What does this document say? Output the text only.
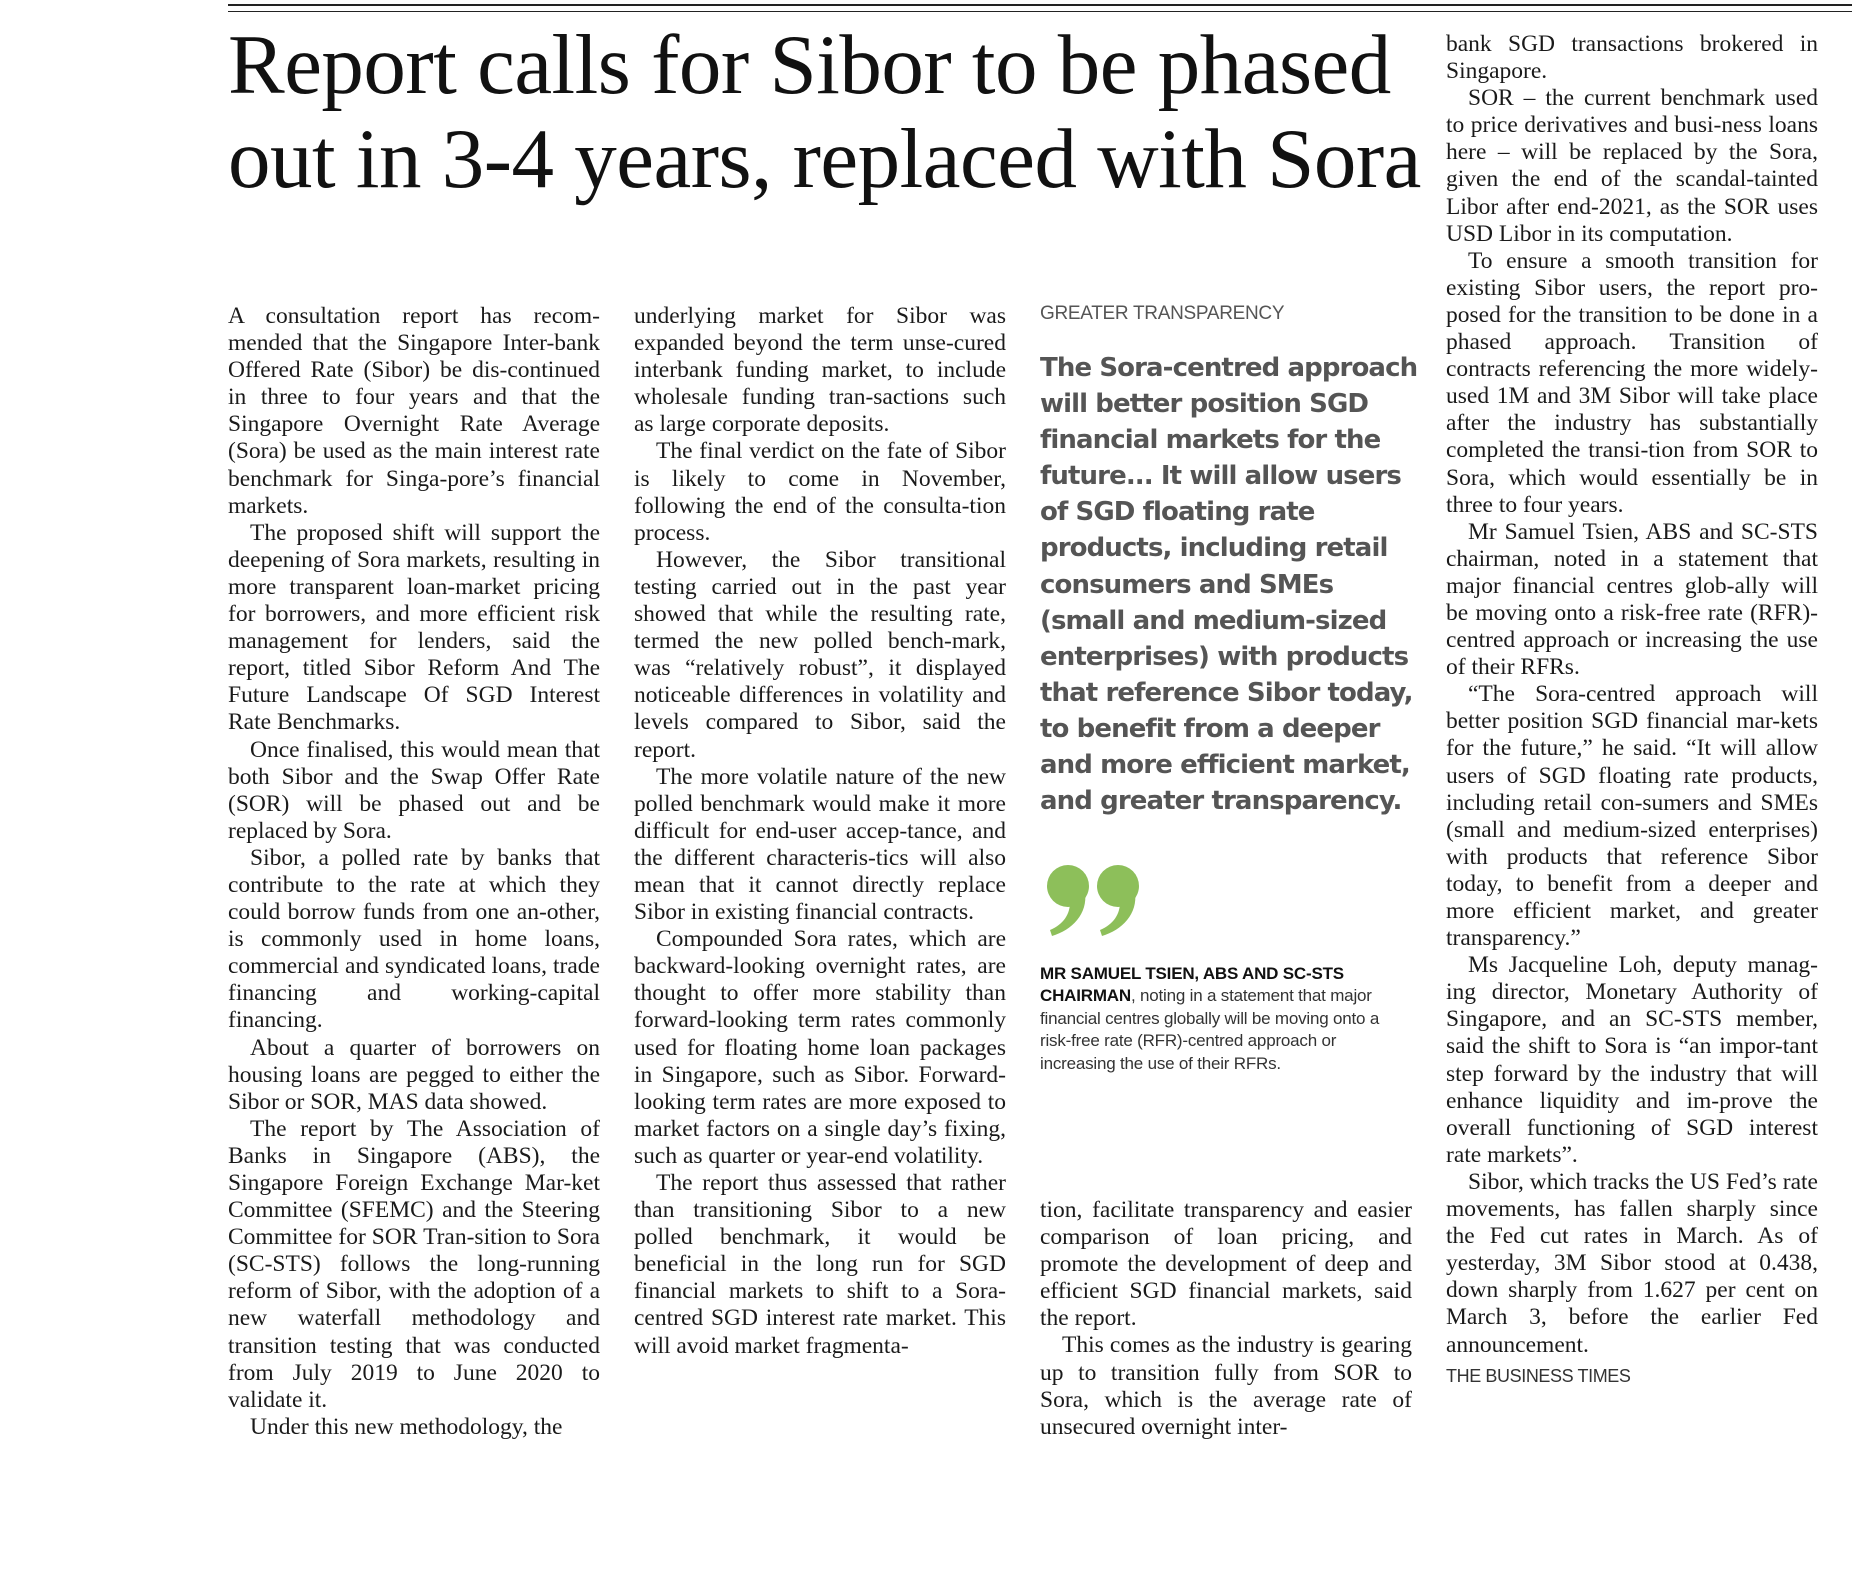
Report calls for Sibor to be phased out in 3-4 years, replaced with Sora

A consultation report has recom-mended that the Singapore Inter-bank Offered Rate (Sibor) be dis-continued in three to four years and that the Singapore Overnight Rate Average (Sora) be used as the main interest rate benchmark for Singa-pore’s financial markets.

The proposed shift will support the deepening of Sora markets, resulting in more transparent loan-market pricing for borrowers, and more efficient risk management for lenders, said the report, titled Sibor Reform And The Future Landscape Of SGD Interest Rate Benchmarks.

Once finalised, this would mean that both Sibor and the Swap Offer Rate (SOR) will be phased out and be replaced by Sora.

Sibor, a polled rate by banks that contribute to the rate at which they could borrow funds from one an-other, is commonly used in home loans, commercial and syndicated loans, trade financing and working-capital financing.

About a quarter of borrowers on housing loans are pegged to either the Sibor or SOR, MAS data showed.

The report by The Association of Banks in Singapore (ABS), the Singapore Foreign Exchange Mar-ket Committee (SFEMC) and the Steering Committee for SOR Tran-sition to Sora (SC-STS) follows the long-running reform of Sibor, with the adoption of a new waterfall methodology and transition testing that was conducted from July 2019 to June 2020 to validate it.

Under this new methodology, the

underlying market for Sibor was expanded beyond the term unse-cured interbank funding market, to include wholesale funding tran-sactions such as large corporate deposits.

The final verdict on the fate of Sibor is likely to come in November, following the end of the consulta-tion process.

However, the Sibor transitional testing carried out in the past year showed that while the resulting rate, termed the new polled bench-mark, was “relatively robust”, it displayed noticeable differences in volatility and levels compared to Sibor, said the report.

The more volatile nature of the new polled benchmark would make it more difficult for end-user accep-tance, and the different characteris-tics will also mean that it cannot directly replace Sibor in existing financial contracts.

Compounded Sora rates, which are backward-looking overnight rates, are thought to offer more stability than forward-looking term rates commonly used for floating home loan packages in Singapore, such as Sibor. Forward-looking term rates are more exposed to market factors on a single day’s fixing, such as quarter or year-end volatility.

The report thus assessed that rather than transitioning Sibor to a new polled benchmark, it would be beneficial in the long run for SGD financial markets to shift to a Sora-centred SGD interest rate market. This will avoid market fragmenta-

GREATER TRANSPARENCY

The Sora-centred approach will better position SGD financial markets for the future... It will allow users of SGD floating rate products, including retail consumers and SMEs (small and medium-sized enterprises) with products that reference Sibor today, to benefit from a deeper and more efficient market, and greater transparency.

MR SAMUEL TSIEN, ABS AND SC-STS CHAIRMAN, noting in a statement that major financial centres globally will be moving onto a risk-free rate (RFR)-centred approach or increasing the use of their RFRs.

tion, facilitate transparency and easier comparison of loan pricing, and promote the development of deep and efficient SGD financial markets, said the report.

This comes as the industry is gearing up to transition fully from SOR to Sora, which is the average rate of unsecured overnight inter-

bank SGD transactions brokered in Singapore.

SOR – the current benchmark used to price derivatives and busi-ness loans here – will be replaced by the Sora, given the end of the scandal-tainted Libor after end-2021, as the SOR uses USD Libor in its computation.

To ensure a smooth transition for existing Sibor users, the report pro-posed for the transition to be done in a phased approach. Transition of contracts referencing the more widely-used 1M and 3M Sibor will take place after the industry has substantially completed the transi-tion from SOR to Sora, which would essentially be in three to four years.

Mr Samuel Tsien, ABS and SC-STS chairman, noted in a statement that major financial centres glob-ally will be moving onto a risk-free rate (RFR)-centred approach or increasing the use of their RFRs.

“The Sora-centred approach will better position SGD financial mar-kets for the future,” he said. “It will allow users of SGD floating rate products, including retail con-sumers and SMEs (small and medium-sized enterprises) with products that reference Sibor today, to benefit from a deeper and more efficient market, and greater transparency.”

Ms Jacqueline Loh, deputy manag-ing director, Monetary Authority of Singapore, and an SC-STS member, said the shift to Sora is “an impor-tant step forward by the industry that will enhance liquidity and im-prove the overall functioning of SGD interest rate markets”.

Sibor, which tracks the US Fed’s rate movements, has fallen sharply since the Fed cut rates in March. As of yesterday, 3M Sibor stood at 0.438, down sharply from 1.627 per cent on March 3, before the earlier Fed announcement.

THE BUSINESS TIMES
